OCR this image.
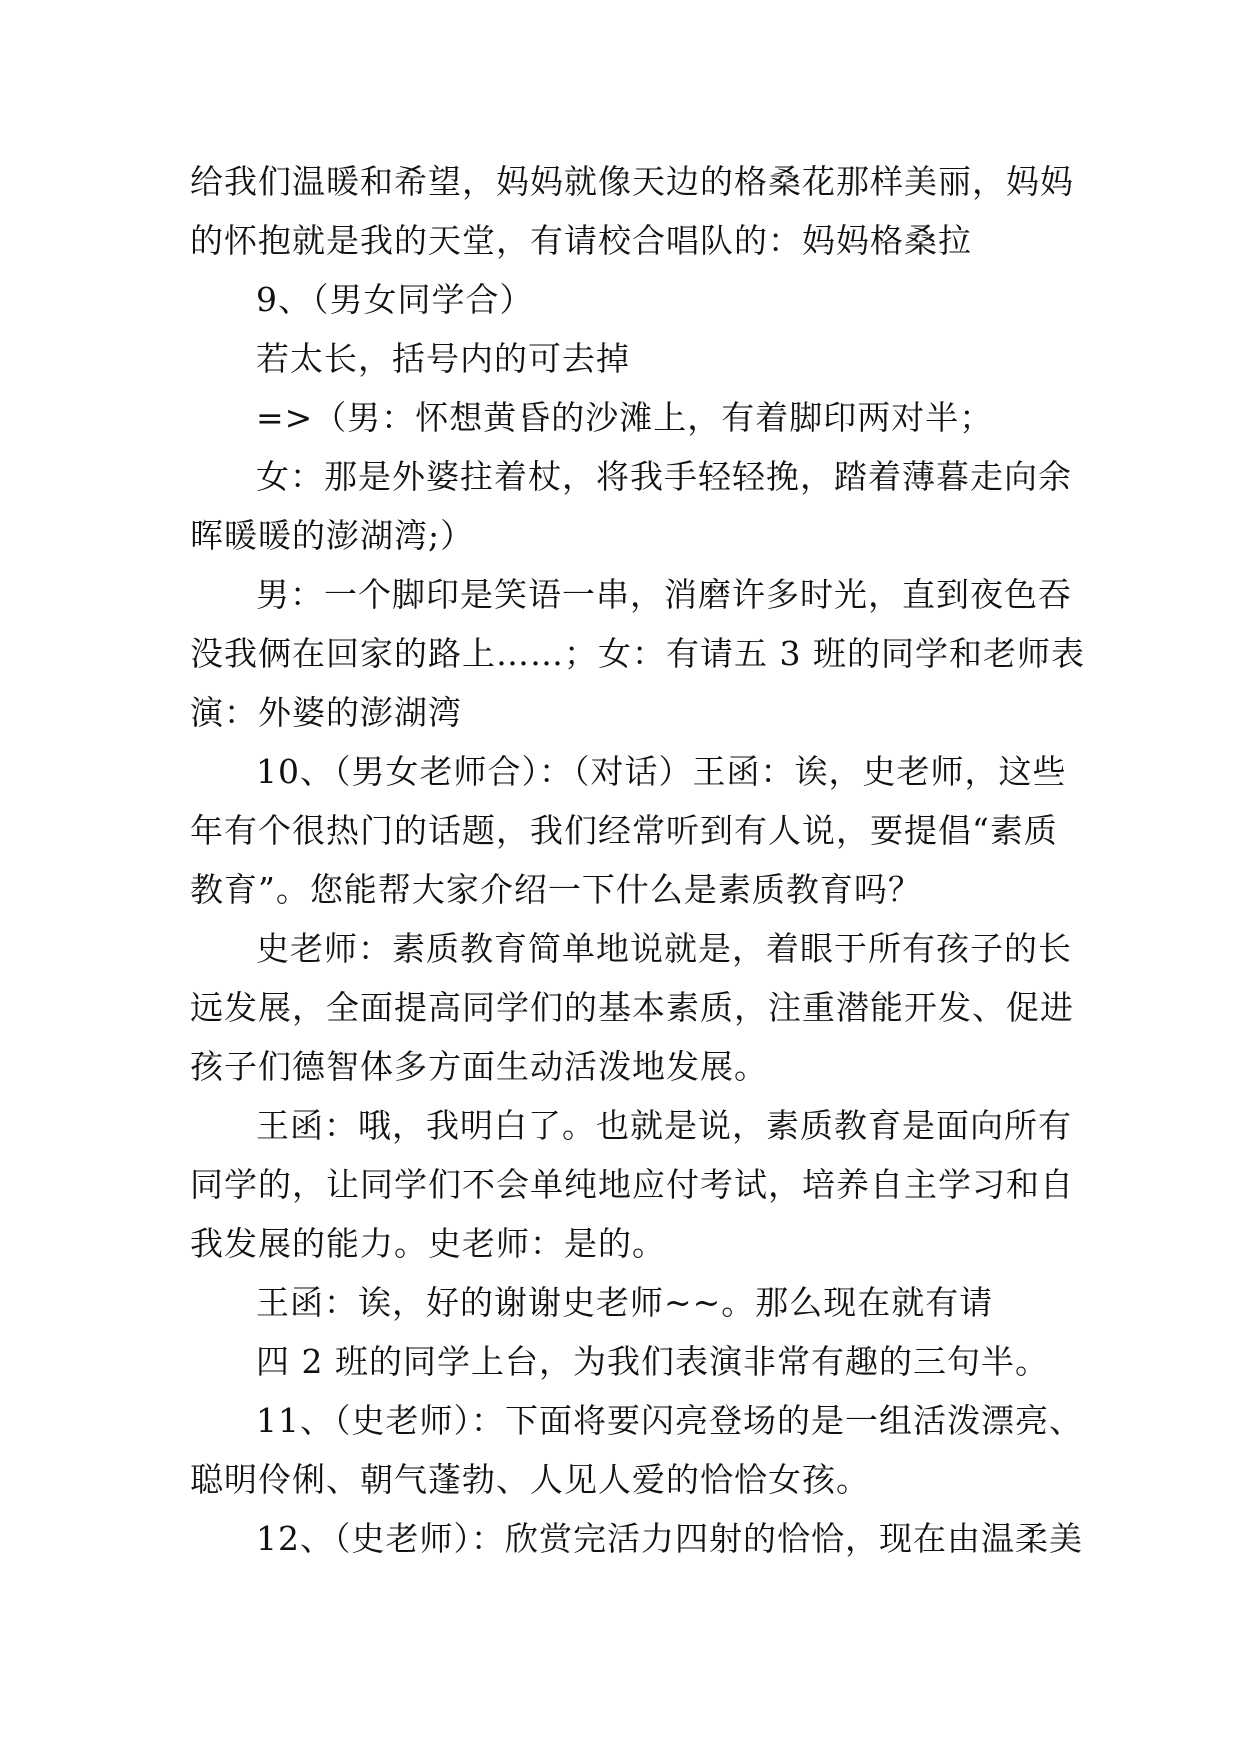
给我们温暖和希望，妈妈就像天边的格桑花那样美丽，妈妈

的怀抱就是我的天堂，有请校合唱队的：妈妈格桑拉

9、（男女同学合）

若太长，括号内的可去掉

=>（男：怀想黄昏的沙滩上，有着脚印两对半；

女：那是外婆拄着杖，将我手轻轻挽，踏着薄暮走向余

晖暖暖的澎湖湾;）

男：一个脚印是笑语一串，消磨许多时光，直到夜色吞

没我俩在回家的路上……；女：有请五 3 班的同学和老师表

演：外婆的澎湖湾

10、（男女老师合）：（对话）王函：诶，史老师，这些

年有个很热门的话题，我们经常听到有人说，要提倡“素质

教育”。您能帮大家介绍一下什么是素质教育吗？

史老师：素质教育简单地说就是，着眼于所有孩子的长

远发展，全面提高同学们的基本素质，注重潜能开发、促进

孩子们德智体多方面生动活泼地发展。

王函：哦，我明白了。也就是说，素质教育是面向所有

同学的，让同学们不会单纯地应付考试，培养自主学习和自

我发展的能力。史老师：是的。

王函：诶，好的谢谢史老师~~。那么现在就有请

四 2 班的同学上台，为我们表演非常有趣的三句半。

11、（史老师）：下面将要闪亮登场的是一组活泼漂亮、

聪明伶俐、朝气蓬勃、人见人爱的恰恰女孩。

12、（史老师）：欣赏完活力四射的恰恰，现在由温柔美
